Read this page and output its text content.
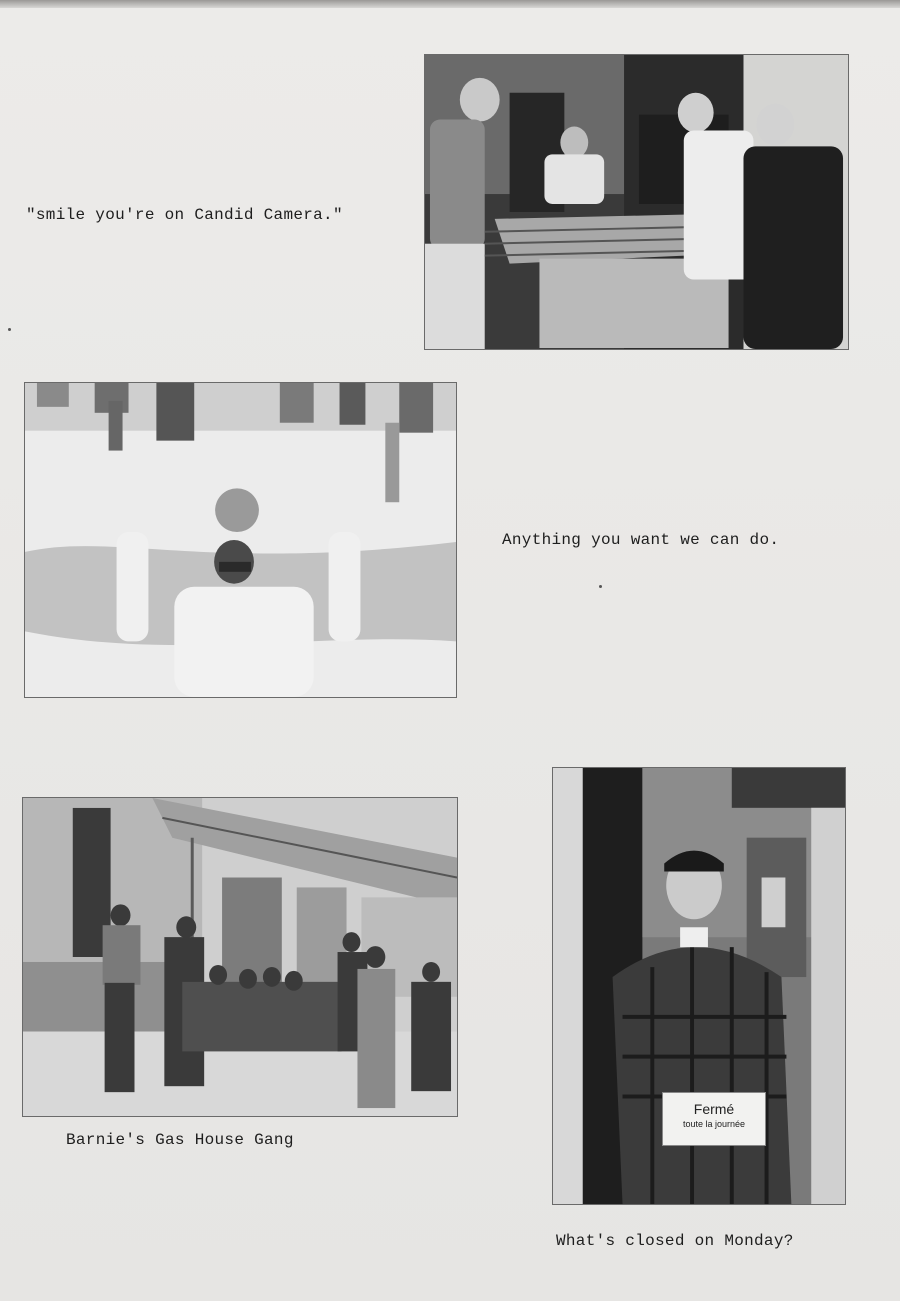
"smile you're on Candid Camera."
Anything you want we can do.
Barnie's Gas House Gang
Fermé
toute la journée
What's closed on Monday?
